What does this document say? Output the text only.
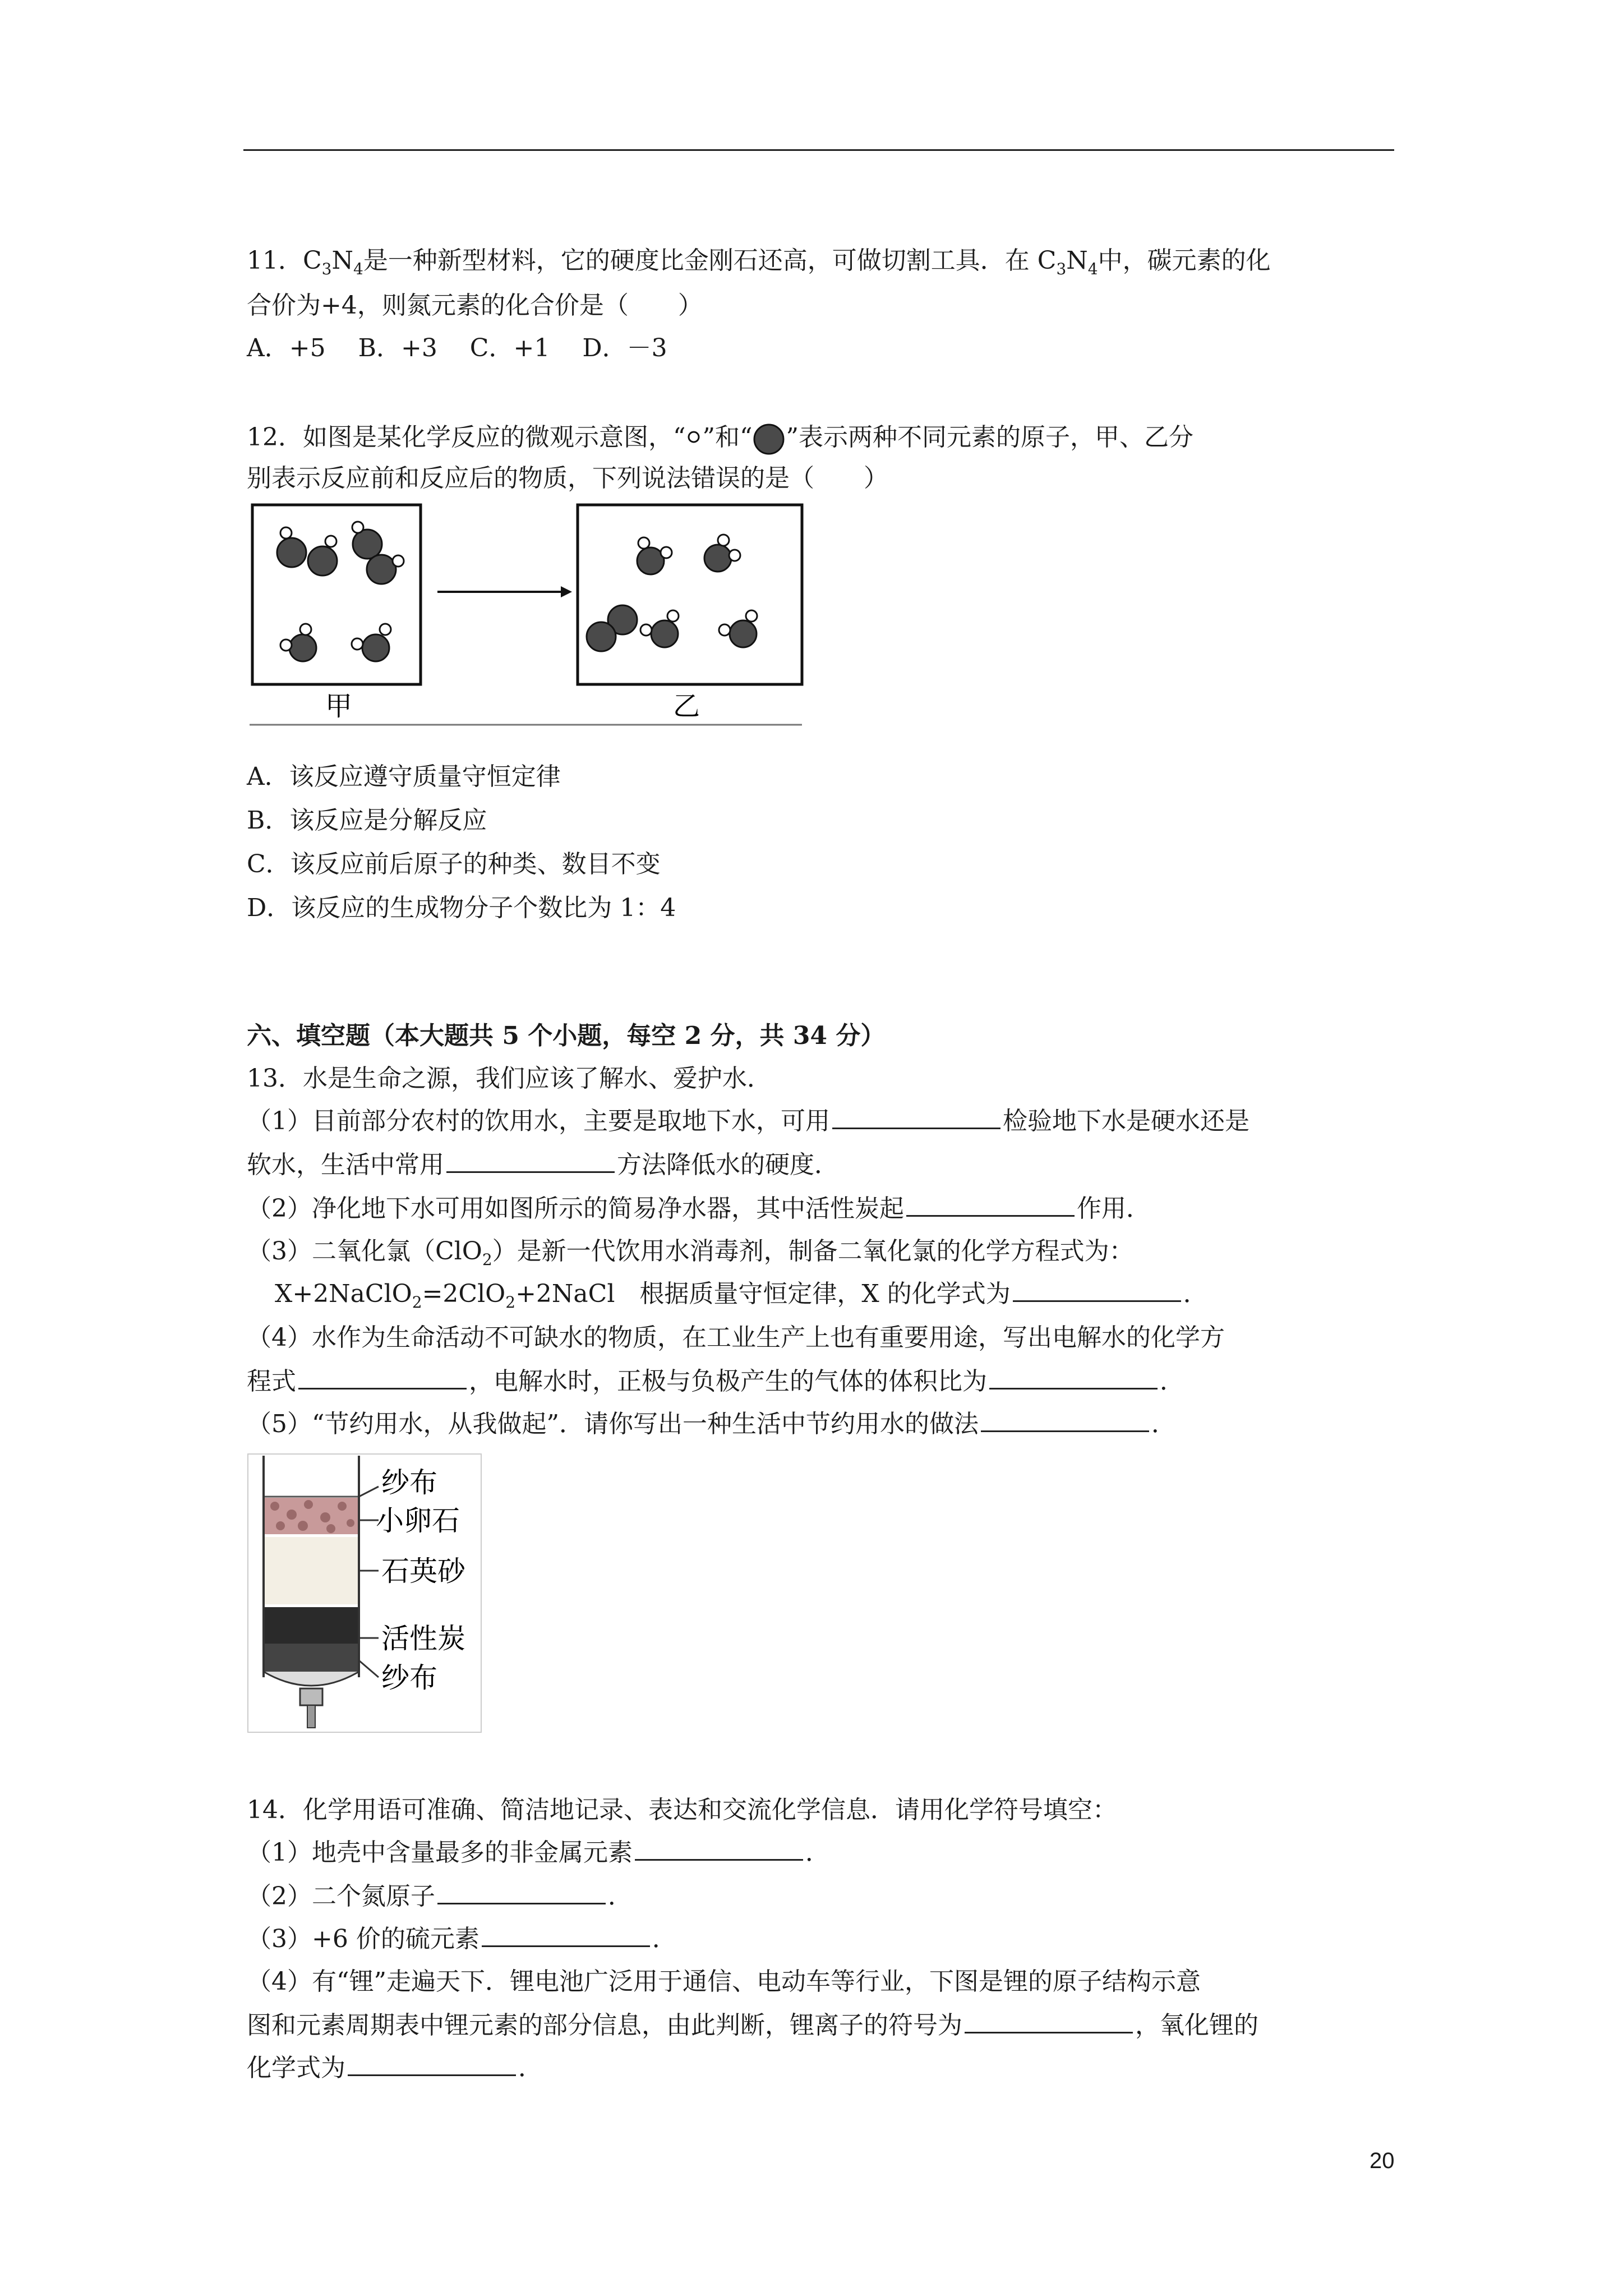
11．$C_3N_4$是一种新型材料，它的硬度比金刚石还高，可做切割工具．在 $C_3N_4$中，碳元素的化
合价为+4，则氮元素的化合价是（　　）
A．+5　 B．+3　 C．+1　 D．－3
12．如图是某化学反应的微观示意图，“ ”和“ ”表示两种不同元素的原子，甲、乙分
别表示反应前和反应后的物质，下列说法错误的是（　　）
甲	乙
A．该反应遵守质量守恒定律
B．该反应是分解反应
C．该反应前后原子的种类、数目不变
D．该反应的生成物分子个数比为 1：4
六、填空题（本大题共 5 个小题，每空 2 分，共 34 分）
13．水是生命之源，我们应该了解水、爱护水．
（1）目前部分农村的饮用水，主要是取地下水，可用	检验地下水是硬水还是
软水，生活中常用	方法降低水的硬度．
（2）净化地下水可用如图所示的简易净水器，其中活性炭起	作用．
（3）二氧化氯（ClO$_2$）是新一代饮用水消毒剂，制备二氧化氯的化学方程式为：
X+2NaClO$_2$=2ClO$_2$+2NaCl　根据质量守恒定律，X 的化学式为	．
（4）水作为生命活动不可缺水的物质，在工业生产上也有重要用途，写出电解水的化学方
程式	，电解水时，正极与负极产生的气体的体积比为	．
（5）“节约用水，从我做起”．请你写出一种生活中节约用水的做法	．
纱布
小卵石
石英砂
活性炭
纱布
14．化学用语可准确、简洁地记录、表达和交流化学信息．请用化学符号填空：
（1）地壳中含量最多的非金属元素	．
（2）二个氮原子	．
（3）+6 价的硫元素	．
（4）有“锂”走遍天下．锂电池广泛用于通信、电动车等行业，下图是锂的原子结构示意
图和元素周期表中锂元素的部分信息，由此判断，锂离子的符号为	，氧化锂的
化学式为	．
20
